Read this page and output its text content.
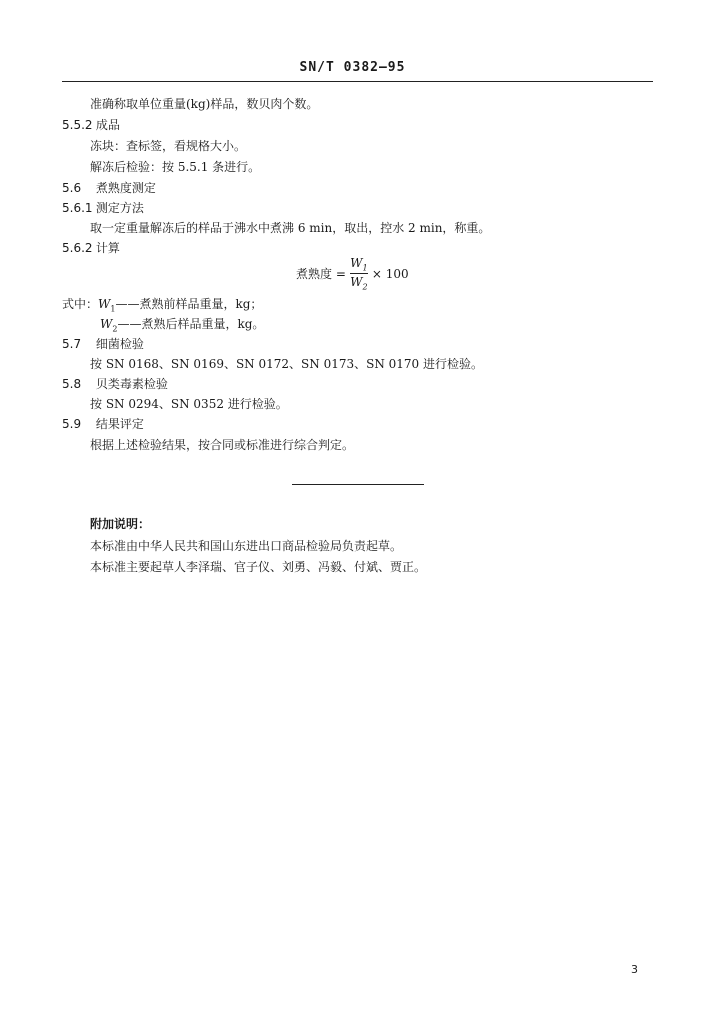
SN/T 0382—95
准确称取单位重量(kg)样品，数贝肉个数。
5.5.2 成品
冻块：查标签，看规格大小。
解冻后检验：按 5.5.1 条进行。
5.6 煮熟度测定
5.6.1 测定方法
取一定重量解冻后的样品于沸水中煮沸 6 min，取出，控水 2 min，称重。
5.6.2 计算
煮熟度 = $\frac{W_1}{W_2} \times 100$
式中：$W_1——$煮熟前样品重量，kg；
$W_2——$煮熟后样品重量，kg。
5.7 细菌检验
按 SN 0168、SN 0169、SN 0172、SN 0173、SN 0170 进行检验。
5.8 贝类毒素检验
按 SN 0294、SN 0352 进行检验。
5.9 结果评定
根据上述检验结果，按合同或标准进行综合判定。
附加说明：
本标准由中华人民共和国山东进出口商品检验局负责起草。
本标准主要起草人李泽瑞、官子仪、刘勇、冯毅、付斌、贾正。
3
